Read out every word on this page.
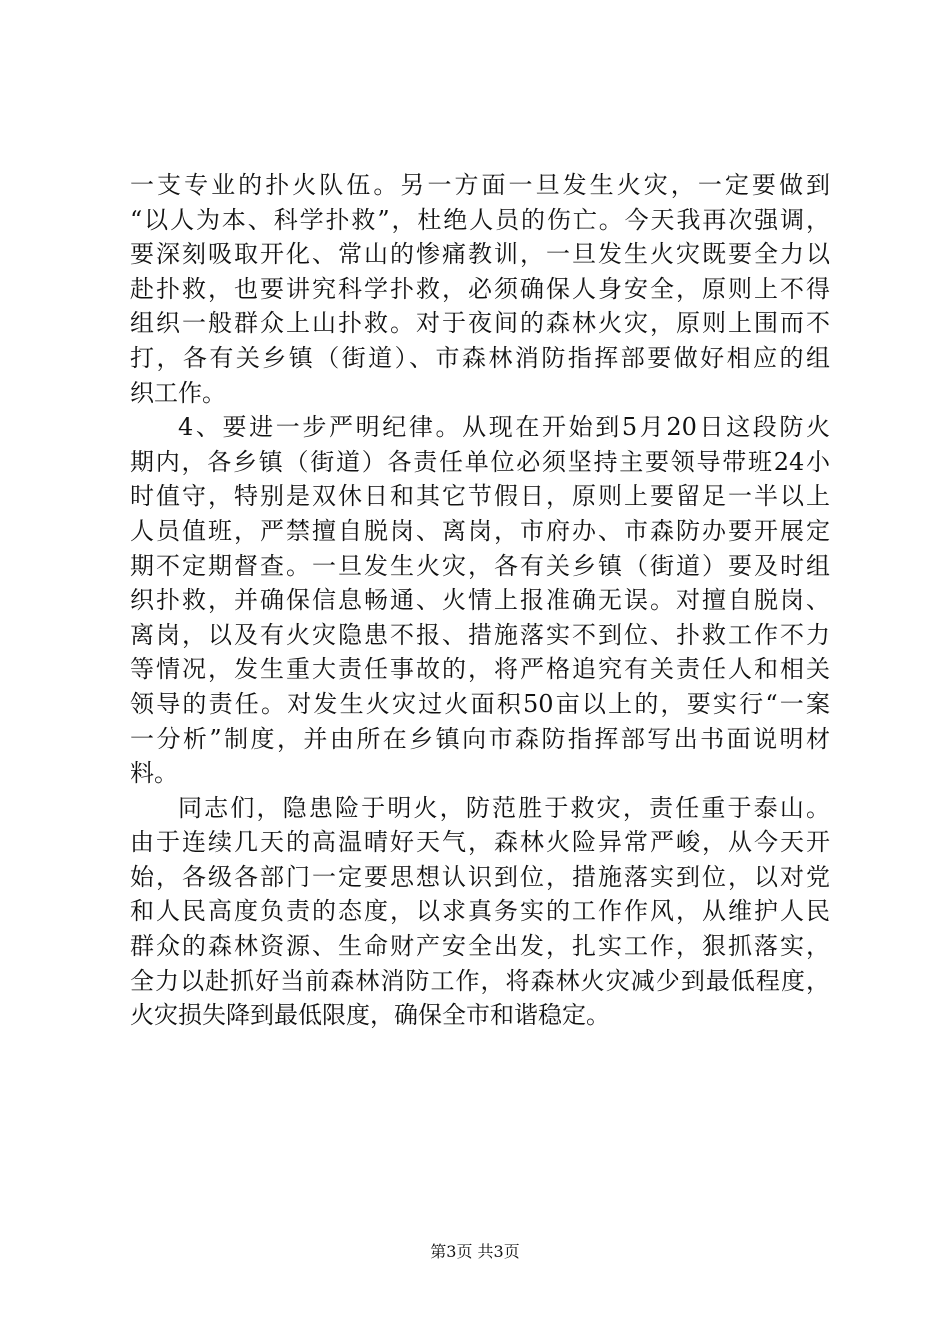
一支专业的扑火队伍。另一方面一旦发生火灾，一定要做到
“以人为本、科学扑救”，杜绝人员的伤亡。今天我再次强调，
要深刻吸取开化、常山的惨痛教训，一旦发生火灾既要全力以
赴扑救，也要讲究科学扑救，必须确保人身安全，原则上不得
组织一般群众上山扑救。对于夜间的森林火灾，原则上围而不
打，各有关乡镇（街道）、市森林消防指挥部要做好相应的组
织工作。
4、要进一步严明纪律。从现在开始到5月20日这段防火
期内，各乡镇（街道）各责任单位必须坚持主要领导带班24小
时值守，特别是双休日和其它节假日，原则上要留足一半以上
人员值班，严禁擅自脱岗、离岗，市府办、市森防办要开展定
期不定期督查。一旦发生火灾，各有关乡镇（街道）要及时组
织扑救，并确保信息畅通、火情上报准确无误。对擅自脱岗、
离岗，以及有火灾隐患不报、措施落实不到位、扑救工作不力
等情况，发生重大责任事故的，将严格追究有关责任人和相关
领导的责任。对发生火灾过火面积50亩以上的，要实行“一案
一分析”制度，并由所在乡镇向市森防指挥部写出书面说明材
料。
同志们，隐患险于明火，防范胜于救灾，责任重于泰山。
由于连续几天的高温晴好天气，森林火险异常严峻，从今天开
始，各级各部门一定要思想认识到位，措施落实到位，以对党
和人民高度负责的态度，以求真务实的工作作风，从维护人民
群众的森林资源、生命财产安全出发，扎实工作，狠抓落实，
全力以赴抓好当前森林消防工作，将森林火灾减少到最低程度，
火灾损失降到最低限度，确保全市和谐稳定。
第3页 共3页
